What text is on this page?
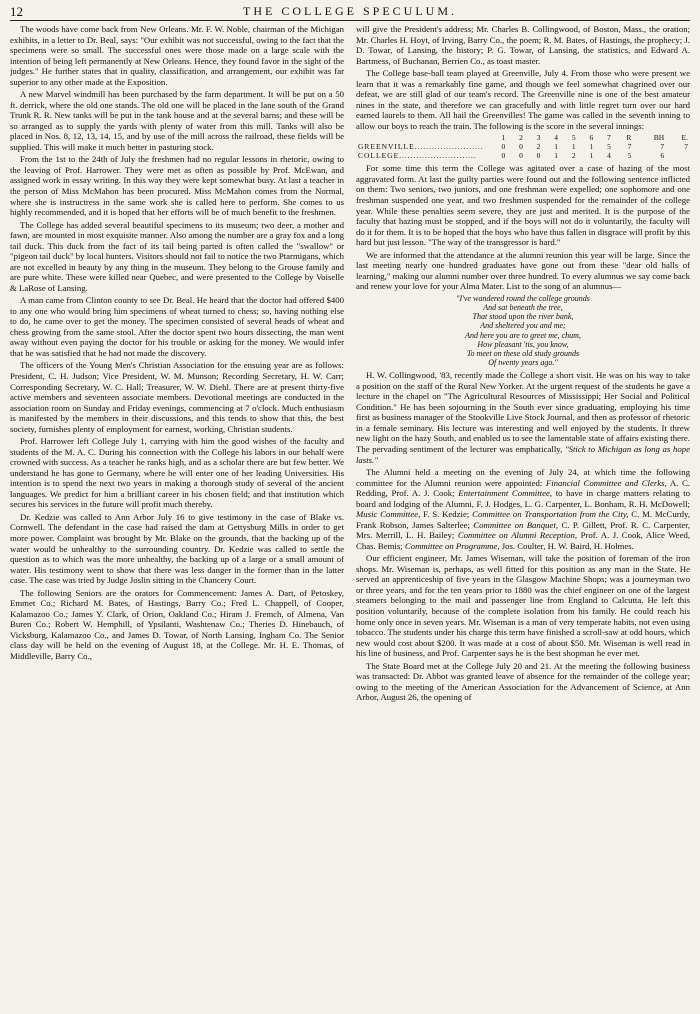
12	THE COLLEGE SPECULUM.

The woods have come back from New Orleans. Mr. F. W. Noble, chairman of the Michigan exhibits, in a letter to Dr. Beal, says: "Our exhibit was not successful, owing to the fact that the specimens were so small. The successful ones were those made on a large scale with the intention of being left permanently at New Orleans. Hence, they found favor in the sight of the judges." He further states that in quality, classification, and arrangement, our exhibit was far superior to any other made at the Exposition.

A new Marvel windmill has been purchased by the farm department. It will be put on a 50 ft. derrick, where the old one stands. The old one will be placed in the lane south of the Grand Trunk R. R. New tanks will be put in the tank house and at the several barns; and these will be so arranged as to supply the yards with plenty of water from this mill. Tanks will also be placed in Nos. 8, 12, 13, 14, 15, and by use of the mill across the railroad, these fields will be supplied. This will make it much better in pasturing stock.

From the 1st to the 24th of July the freshmen had no regular lessons in rhetoric, owing to the leaving of Prof. Harrower. They were met as often as possible by Prof. McEwan, and assigned work in essay writing. In this way they were kept somewhat busy. At last a teacher in the person of Miss McMahon has been procured. Miss McMahon comes from the Normal, where she is instructress in the same work she is called here to perform. She comes to us highly recommended, and it is hoped that her efforts will be of much benefit to the freshmen.

The College has added several beautiful specimens to its museum; two deer, a mother and fawn, are mounted in most exquisite manner. Also among the number are a gray fox and a long tail duck. This duck from the fact of its tail being parted is often called the "swallow" or "pigeon tail duck" by local hunters. Visitors should not fail to notice the two Ptarmigans, which are not excelled in beauty by any thing in the museum. They belong to the Grouse family and are pure white. These were killed near Quebec, and were presented to the College by Voiselle & LaRose of Lansing.

A man came from Clinton county to see Dr. Beal. He heard that the doctor had offered $400 to any one who would bring him specimens of wheat turned to chess; so, having nothing else to do, he came over to get the money. The specimen consisted of several heads of wheat and chess growing from the same stool. After the doctor spent two hours dissecting, the man went away without even paying the doctor for his trouble or asking for the money. We would infer that he was satisfied that he had not made the discovery.

The officers of the Young Men's Christian Association for the ensuing year are as follows: President, C. H. Judson; Vice President, W. M. Munson; Recording Secretary, H. W. Carr; Corresponding Secretary, W. C. Hall; Treasurer, W. W. Diehl. There are at present thirty-five active members and seventeen associate members. Devotional meetings are conducted in the association room on Sunday and Friday evenings, commencing at 7 o'clock. Much enthusiasm is manifested by the members in their discussions, and this tends to show that this, the best society, furnishes plenty of employment for earnest, working, Christian students.

Prof. Harrower left College July 1, carrying with him the good wishes of the faculty and students of the M. A. C. During his connection with the College his labors in our behalf were crowned with success. As a teacher he ranks high, and as a scholar there are but few better. We understand he has gone to Germany, where he will enter one of her leading Universities. His intention is to spend the next two years in making a thorough study of several of the ancient languages. We predict for him a brilliant career in his chosen field; and that institution which secures his services in the future will profit much thereby.

Dr. Kedzie was called to Ann Arbor July 16 to give testimony in the case of Blake vs. Cornwell. The defendant in the case had raised the dam at Gettysburg Mills in order to get more power. Complaint was brought by Mr. Blake on the grounds, that the backing up of the water would be unhealthy to the surrounding country. Dr. Kedzie was called to settle the question as to which was the more unhealthy, the backing up of a large or a small amount of water. His testimony went to show that there was less danger in the former than in the latter case. The case was tried by Judge Joslin sitting in the Chancery Court.

The following Seniors are the orators for Commencement: James A. Dart, of Petoskey, Emmet Co.; Richard M. Bates, of Hastings, Barry Co.; Fred L. Chappell, of Cooper, Kalamazoo Co.; James Y. Clark, of Orion, Oakland Co.; Hiram J. Fremch, of Almena, Van Buren Co.; Robert W. Hemphill, of Ypsilanti, Washtenaw Co.; Theries D. Hinebauch, of Vicksburg, Kalamazoo Co., and James D. Towar, of North Lansing, Ingham Co. The Senior class day will be held on the evening of August 18, at the College. Mr. H. E. Thomas, of Middleville, Barry Co.,

will give the President's address; Mr. Charles B. Collingwood, of Boston, Mass., the oration; Mr. Charles H. Hoyt, of Irving, Barry Co., the poem; R. M. Bates, of Hastings, the prophecy; J. D. Towar, of Lansing, the history; P. G. Towar, of Lansing, the statistics, and Edward A. Bartmess, of Buchanan, Berrien Co., as toast master.

The College base-ball team played at Greenville, July 4. From those who were present we learn that it was a remarkably fine game, and though we feel somewhat chagrined over our defeat, we are still glad of our team's record. The Greenville nine is one of the best amateur nines in the state, and therefore we can gracefully and with little regret turn over our hard earned laurels to them. All hail the Greenvilles! The game was called in the seventh inning to allow our boys to reach the train. The following is the score in the several innings:

	1	2	3	4	5	6	7	R	BH	E.
GREENVILLE........................	0	0	2	1	1	1	5	7	7	7
COLLEGE...........................	0	0	0	1	2	1	4	5	6	

For some time this term the College was agitated over a case of hazing of the most aggravated form. At last the guilty parties were found out and the following sentence inflicted on them: Two seniors, two juniors, and one freshman were expelled; one sophomore and one freshman suspended one year, and two freshmen suspended for the remainder of the college year. While these penalties seem severe, they are just and merited. It is the purpose of the faculty that hazing must be stopped, and if the boys will not do it voluntarily, the faculty will do it for them. It is to be hoped that the boys who have thus fallen in disgrace will profit by this hard but just lesson. "The way of the transgressor is hard."

We are informed that the attendance at the alumni reunion this year will be large. Since the last meeting nearly one hundred graduates have gone out from these "dear old halls of learning," making our alumni number over three hundred. To every alumnus we say come back and renew your love for your Alma Mater. List to the song of an alumnus—

"I've wandered round the college grounds
And sat beneath the tree,
That stood upon the river bank,
And sheltered you and me;
And here you are to greet me, chum,
How pleasant 'tis, you know,
To meet on these old study grounds
Of twenty years ago."

H. W. Collingwood, '83, recently made the College a short visit. He was on his way to take a position on the staff of the Rural New Yorker. At the urgent request of the students he gave a lecture in the chapel on "The Agricultural Resources of Mississippi; Her Social and Political Condition." He has been sojourning in the South ever since graduating, employing his time first as business manager of the Stookville Live Stock Journal, and then as professor of rhetoric in a female seminary. His lecture was interesting and well enjoyed by the students. It threw new light on the hazy South, and enabled us to see the lamentable state of affairs existing there. The pervading sentiment of the lecturer was emphatically, "Stick to Michigan as long as hope lasts."

The Alumni held a meeting on the evening of July 24, at which time the following committee for the Alumni reunion were appointed: Financial Committee and Clerks, A. C. Redding, Prof. A. J. Cook; Entertainment Committee, to have in charge matters relating to board and lodging of the Alumni, F. J. Hodges, L. G. Carpenter, L. Bonham, R. H. McDowell; Music Committee, F. S. Kedzie; Committee on Transportation from the City, C. M. McCurdy, Frank Robson, James Salterlee; Committee on Banquet, C. P. Gillett, Prof. R. C. Carpenter, Mrs. Merrill, L. H. Bailey; Committee on Alumni Reception, Prof. A. J. Cook, Alice Weed, Chas. Bemis; Committee on Programme, Jos. Coulter, H. W. Baird, H. Holmes.

Our efficient engineer, Mr. James Wiseman, will take the position of foreman of the iron shops. Mr. Wiseman is, perhaps, as well fitted for this position as any man in the State. He served an apprenticeship of five years in the Glasgow Machine Shops; was a journeyman two or three years, and for the ten years prior to 1880 was the chief engineer on one of the largest steamers belonging to the mail and passenger line from England to Calcutta. He left this position voluntarily, because of the complete isolation from his family. He could reach his home only once in seven years. Mr. Wiseman is a man of very temperate habits, not even using tobacco. The students under his charge this term have finished a scroll-saw at odd hours, which new would cost about $200. It was made at a cost of about $50. Mr. Wiseman is well read in his line of business, and Prof. Carpenter says he is the best shopman he ever met.

The State Board met at the College July 20 and 21. At the meeting the following business was transacted: Dr. Abbot was granted leave of absence for the remainder of the college year; owing to the meeting of the American Association for the Advancement of Science, at Ann Arbor, August 26, the opening of
